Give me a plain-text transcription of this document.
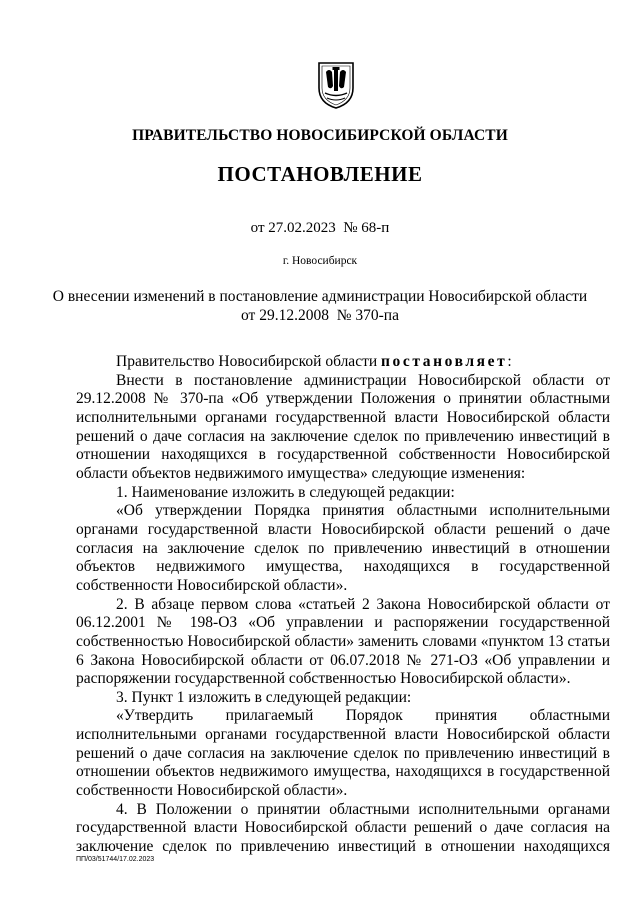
ПРАВИТЕЛЬСТВО НОВОСИБИРСКОЙ ОБЛАСТИ
ПОСТАНОВЛЕНИЕ
от 27.02.2023  № 68-п
г. Новосибирск
О внесении изменений в постановление администрации Новосибирской области
от 29.12.2008  № 370-па

Правительство Новосибирской области постановляет:

Внести в постановление администрации Новосибирской области от 29.12.2008 № 370-па «Об утверждении Положения о принятии областными исполнительными органами государственной власти Новосибирской области решений о даче согласия на заключение сделок по привлечению инвестиций в отношении находящихся в государственной собственности Новосибирской области объектов недвижимого имущества» следующие изменения:

1. Наименование изложить в следующей редакции:

«Об утверждении Порядка принятия областными исполнительными органами государственной власти Новосибирской области решений о даче согласия на заключение сделок по привлечению инвестиций в отношении объектов недвижимого имущества, находящихся в государственной собственности Новосибирской области».

2. В абзаце первом слова «статьей 2 Закона Новосибирской области от 06.12.2001 № 198-ОЗ «Об управлении и распоряжении государственной собственностью Новосибирской области» заменить словами «пунктом 13 статьи 6 Закона Новосибирской области от 06.07.2018 № 271-ОЗ «Об управлении и распоряжении государственной собственностью Новосибирской области».

3. Пункт 1 изложить в следующей редакции:

«Утвердить прилагаемый Порядок принятия областными исполнительными органами государственной власти Новосибирской области решений о даче согласия на заключение сделок по привлечению инвестиций в отношении объектов недвижимого имущества, находящихся в государственной собственности Новосибирской области».

4. В Положении о принятии областными исполнительными органами государственной власти Новосибирской области решений о даче согласия на заключение сделок по привлечению инвестиций в отношении находящихся

ПП/03/51744/17.02.2023
